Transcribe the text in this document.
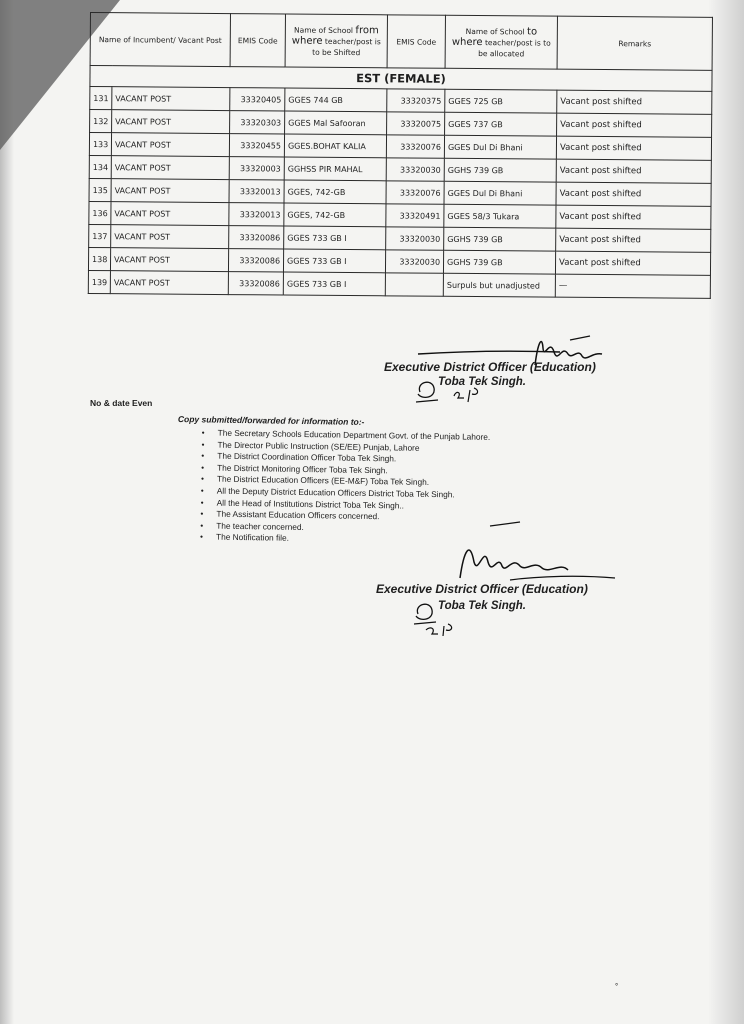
Name of Incumbent/ Vacant Post		EMIS Code	Name of School from
where teacher/post is to be Shifted	EMIS Code	Name of School to
where teacher/post is to be allocated	Remarks
EST (FEMALE)						
131	VACANT POST	33320405	GGES 744 GB	33320375	GGES 725 GB	Vacant post shifted
132	VACANT POST	33320303	GGES Mal Safooran	33320075	GGES 737 GB	Vacant post shifted
133	VACANT POST	33320455	GGES.BOHAT KALIA	33320076	GGES Dul Di Bhani	Vacant post shifted
134	VACANT POST	33320003	GGHSS PIR MAHAL	33320030	GGHS 739 GB	Vacant post shifted
135	VACANT POST	33320013	GGES, 742-GB	33320076	GGES Dul Di Bhani	Vacant post shifted
136	VACANT POST	33320013	GGES, 742-GB	33320491	GGES 58/3 Tukara	Vacant post shifted
137	VACANT POST	33320086	GGES 733 GB I	33320030	GGHS 739 GB	Vacant post shifted
138	VACANT POST	33320086	GGES 733 GB I	33320030	GGHS 739 GB	Vacant post shifted
139	VACANT POST	33320086	GGES 733 GB I		Surpuls but unadjusted	—
Executive District Officer (Education)
Toba Tek Singh.
No & date Even
Copy submitted/forwarded for information to:-
• The Secretary Schools Education Department Govt. of the Punjab Lahore.
• The Director Public Instruction (SE/EE) Punjab, Lahore
• The District Coordination Officer Toba Tek Singh.
• The District Monitoring Officer Toba Tek Singh.
• The District Education Officers (EE-M&F) Toba Tek Singh.
• All the Deputy District Education Officers District Toba Tek Singh.
• All the Head of Institutions District Toba Tek Singh..
• The Assistant Education Officers concerned.
• The teacher concerned.
• The Notification file.
Executive District Officer (Education)
Toba Tek Singh.
°
